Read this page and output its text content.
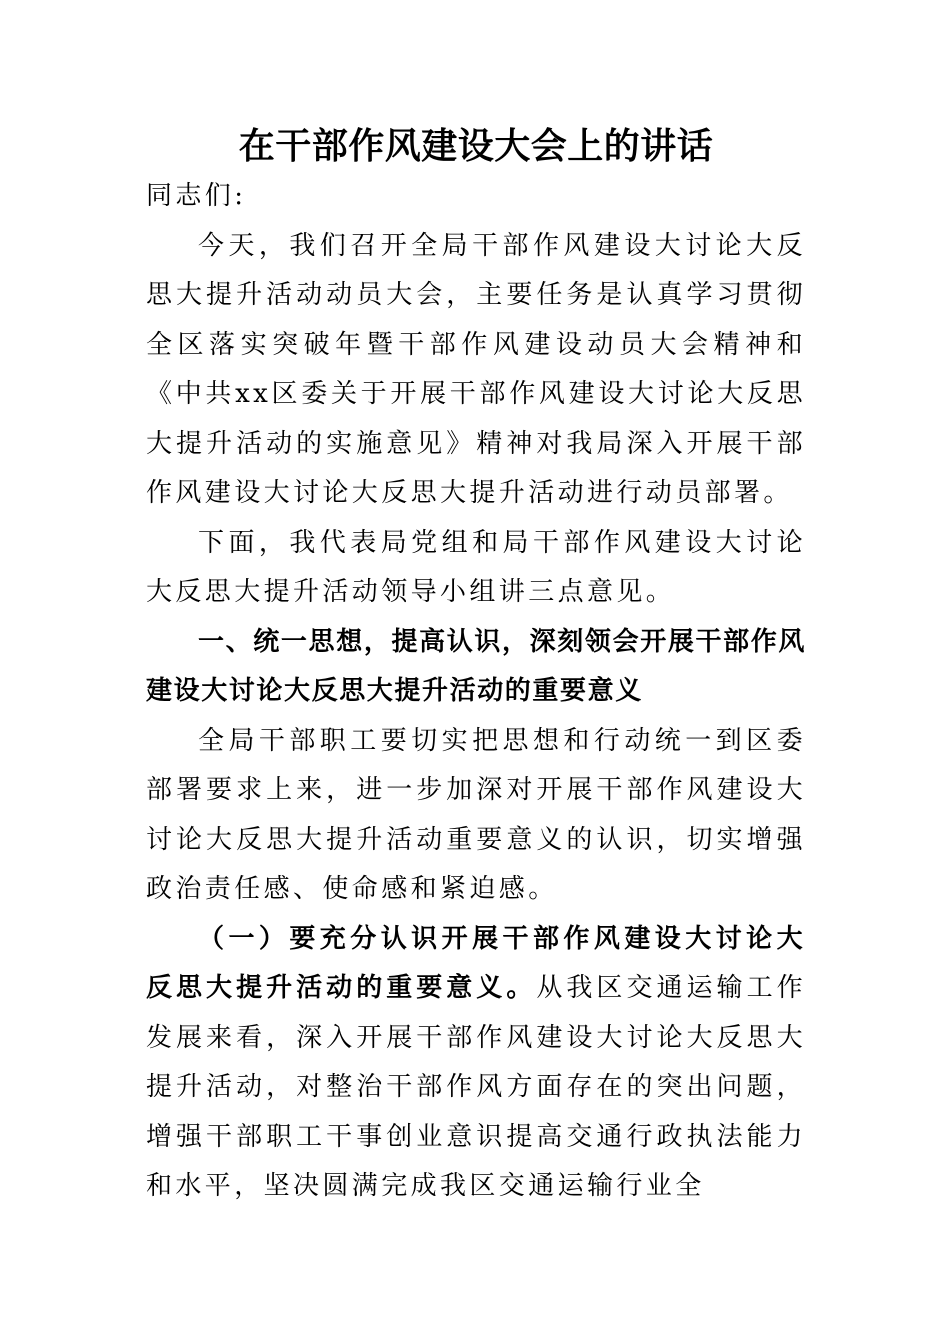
在干部作风建设大会上的讲话

同志们:

今天，我们召开全局干部作风建设大讨论大反思大提升活动动员大会，主要任务是认真学习贯彻全区落实突破年暨干部作风建设动员大会精神和《中共xx区委关于开展干部作风建设大讨论大反思大提升活动的实施意见》精神对我局深入开展干部作风建设大讨论大反思大提升活动进行动员部署。

下面，我代表局党组和局干部作风建设大讨论大反思大提升活动领导小组讲三点意见。

一、统一思想，提高认识，深刻领会开展干部作风建设大讨论大反思大提升活动的重要意义

全局干部职工要切实把思想和行动统一到区委部署要求上来，进一步加深对开展干部作风建设大讨论大反思大提升活动重要意义的认识，切实增强政治责任感、使命感和紧迫感。

（一）要充分认识开展干部作风建设大讨论大反思大提升活动的重要意义。从我区交通运输工作发展来看，深入开展干部作风建设大讨论大反思大提升活动，对整治干部作风方面存在的突出问题，增强干部职工干事创业意识提高交通行政执法能力和水平，坚决圆满完成我区交通运输行业全
